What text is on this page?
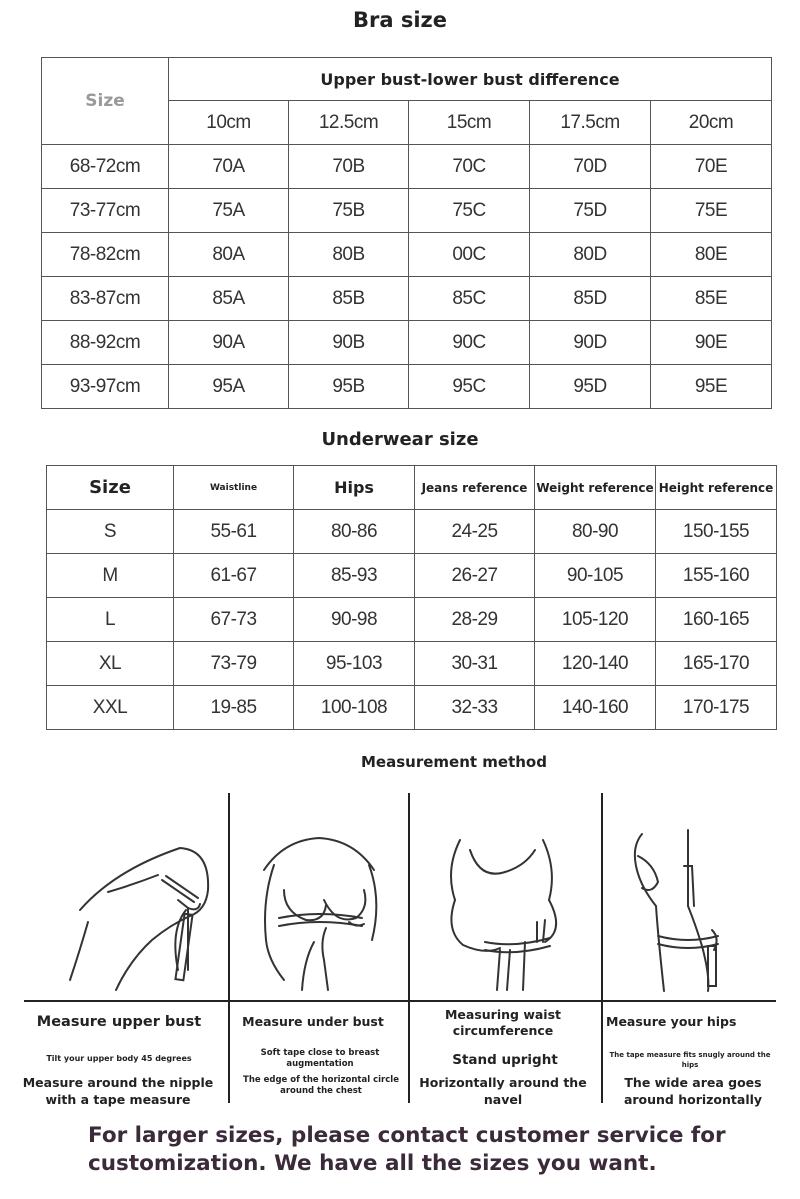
Bra size
Size	Upper bust-lower bust difference				
	10cm	12.5cm	15cm	17.5cm	20cm
68-72cm	70A	70B	70C	70D	70E
73-77cm	75A	75B	75C	75D	75E
78-82cm	80A	80B	00C	80D	80E
83-87cm	85A	85B	85C	85D	85E
88-92cm	90A	90B	90C	90D	90E
93-97cm	95A	95B	95C	95D	95E
Underwear size
Size	Waistline	Hips	Jeans reference	Weight reference	Height reference
S	55-61	80-86	24-25	80-90	150-155
M	61-67	85-93	26-27	90-105	155-160
L	67-73	90-98	28-29	105-120	160-165
XL	73-79	95-103	30-31	120-140	165-170
XXL	19-85	100-108	32-33	140-160	170-175
Measurement method
Measure upper bust
Tilt your upper body 45 degrees
Measure around the nipple with a tape measure
Measure under bust
Soft tape close to breast augmentation
The edge of the horizontal circle around the chest
Measuring waist circumference
Stand upright
Horizontally around the navel
Measure your hips
The tape measure fits snugly around the hips
The wide area goes around horizontally
For larger sizes, please contact customer service for
customization. We have all the sizes you want.
